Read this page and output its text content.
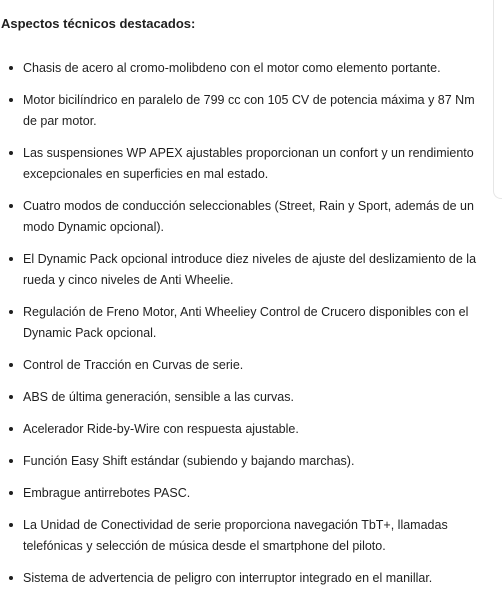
Aspectos técnicos destacados:
Chasis de acero al cromo-molibdeno con el motor como elemento portante.
Motor bicilíndrico en paralelo de 799 cc con 105 CV de potencia máxima y 87 Nm de par motor.
Las suspensiones WP APEX ajustables proporcionan un confort y un rendimiento excepcionales en superficies en mal estado.
Cuatro modos de conducción seleccionables (Street, Rain y Sport, además de un modo Dynamic opcional).
El Dynamic Pack opcional introduce diez niveles de ajuste del deslizamiento de la rueda y cinco niveles de Anti Wheelie.
Regulación de Freno Motor, Anti Wheeliey Control de Crucero disponibles con el Dynamic Pack opcional.
Control de Tracción en Curvas de serie.
ABS de última generación, sensible a las curvas.
Acelerador Ride-by-Wire con respuesta ajustable.
Función Easy Shift estándar (subiendo y bajando marchas).
Embrague antirrebotes PASC.
La Unidad de Conectividad de serie proporciona navegación TbT+, llamadas telefónicas y selección de música desde el smartphone del piloto.
Sistema de advertencia de peligro con interruptor integrado en el manillar.
